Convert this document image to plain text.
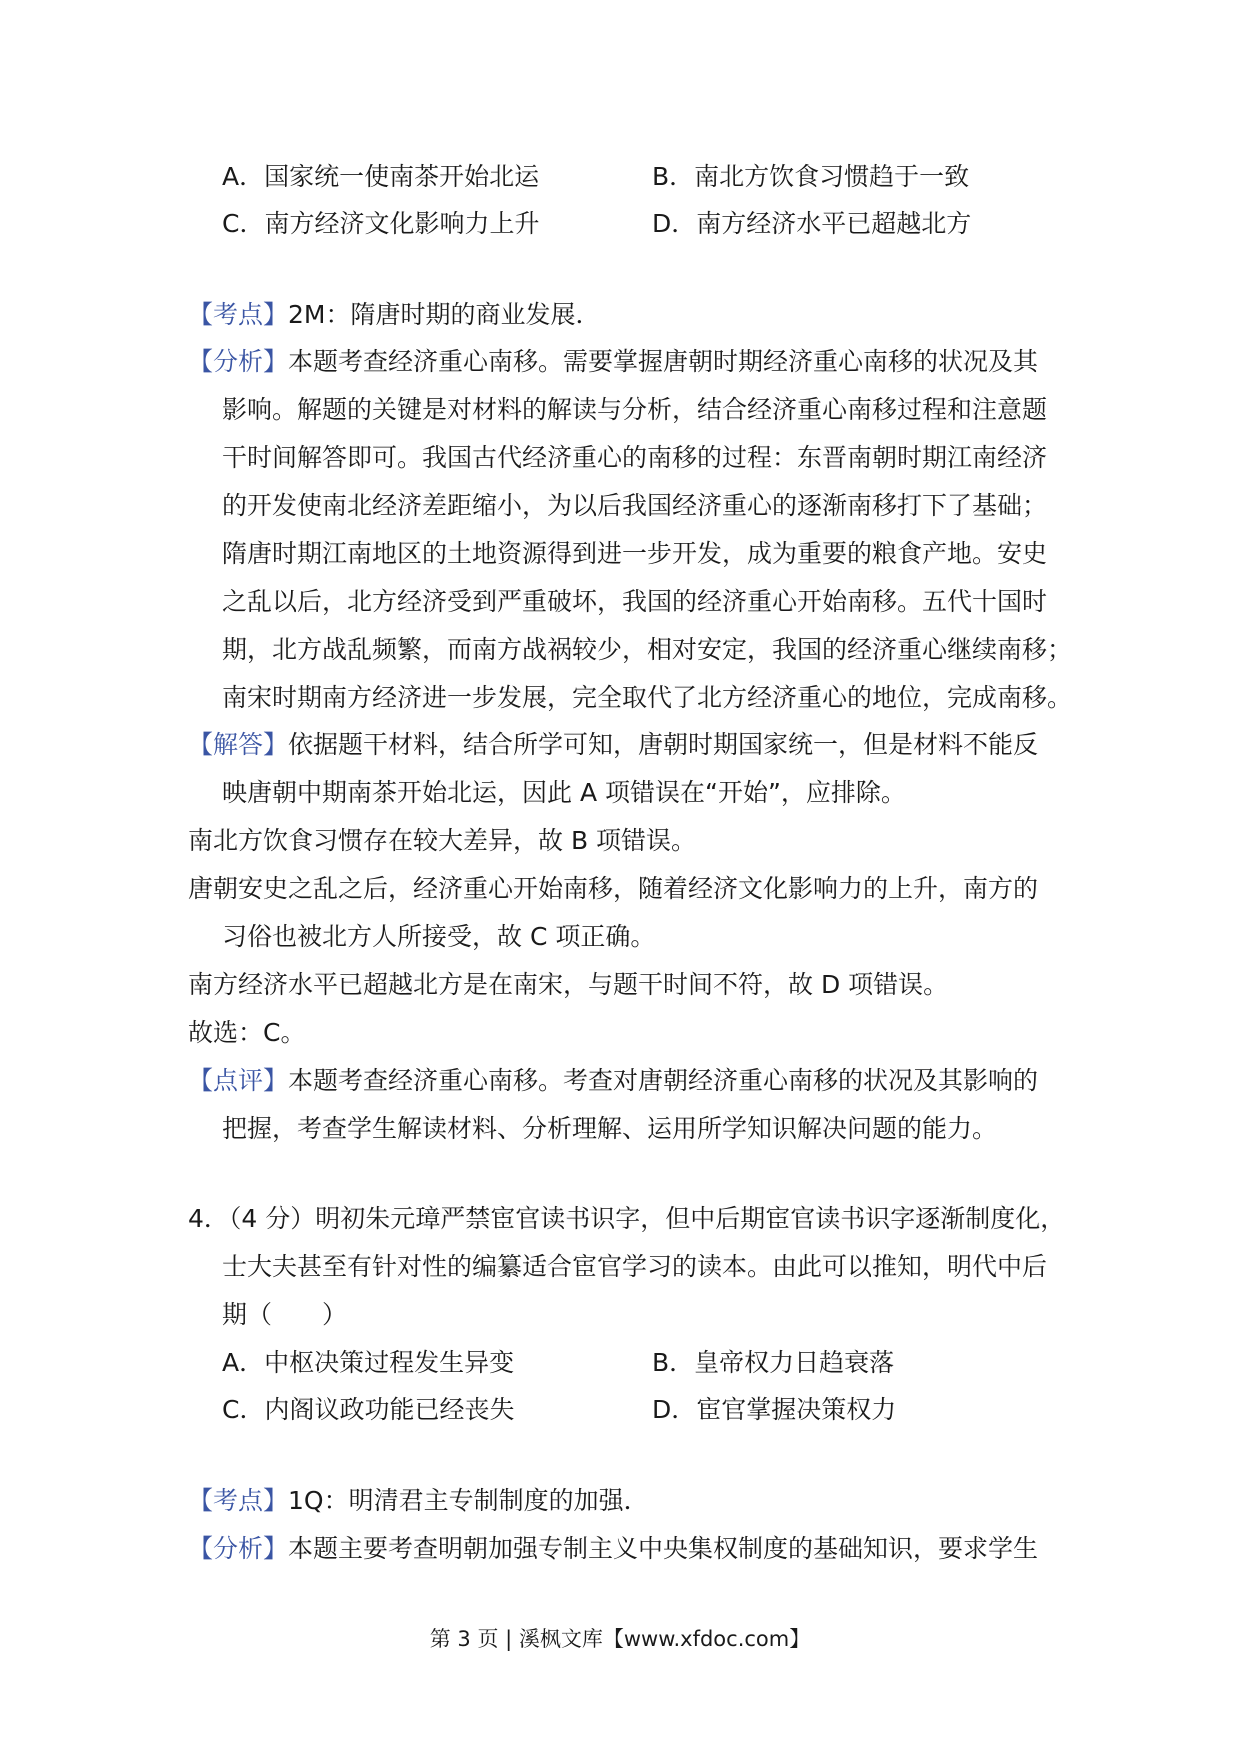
A．国家统一使南茶开始北运	B．南北方饮食习惯趋于一致
C．南方经济文化影响力上升	D．南方经济水平已超越北方
【考点】2M：隋唐时期的商业发展．
【分析】本题考查经济重心南移。需要掌握唐朝时期经济重心南移的状况及其
影响。解题的关键是对材料的解读与分析，结合经济重心南移过程和注意题
干时间解答即可。我国古代经济重心的南移的过程：东晋南朝时期江南经济
的开发使南北经济差距缩小，为以后我国经济重心的逐渐南移打下了基础；
隋唐时期江南地区的土地资源得到进一步开发，成为重要的粮食产地。安史
之乱以后，北方经济受到严重破坏，我国的经济重心开始南移。五代十国时
期，北方战乱频繁，而南方战祸较少，相对安定，我国的经济重心继续南移；
南宋时期南方经济进一步发展，完全取代了北方经济重心的地位，完成南移。
【解答】依据题干材料，结合所学可知，唐朝时期国家统一，但是材料不能反
映唐朝中期南茶开始北运，因此 A 项错误在“开始”，应排除。
南北方饮食习惯存在较大差异，故 B 项错误。
唐朝安史之乱之后，经济重心开始南移，随着经济文化影响力的上升，南方的
习俗也被北方人所接受，故 C 项正确。
南方经济水平已超越北方是在南宋，与题干时间不符，故 D 项错误。
故选：C。
【点评】本题考查经济重心南移。考查对唐朝经济重心南移的状况及其影响的
把握，考查学生解读材料、分析理解、运用所学知识解决问题的能力。
4．（4 分）明初朱元璋严禁宦官读书识字，但中后期宦官读书识字逐渐制度化，
士大夫甚至有针对性的编纂适合宦官学习的读本。由此可以推知，明代中后
期（　　）
A．中枢决策过程发生异变	B．皇帝权力日趋衰落
C．内阁议政功能已经丧失	D．宦官掌握决策权力
【考点】1Q：明清君主专制制度的加强．
【分析】本题主要考查明朝加强专制主义中央集权制度的基础知识，要求学生
第 3 页 | 溪枫文库【www.xfdoc.com】
